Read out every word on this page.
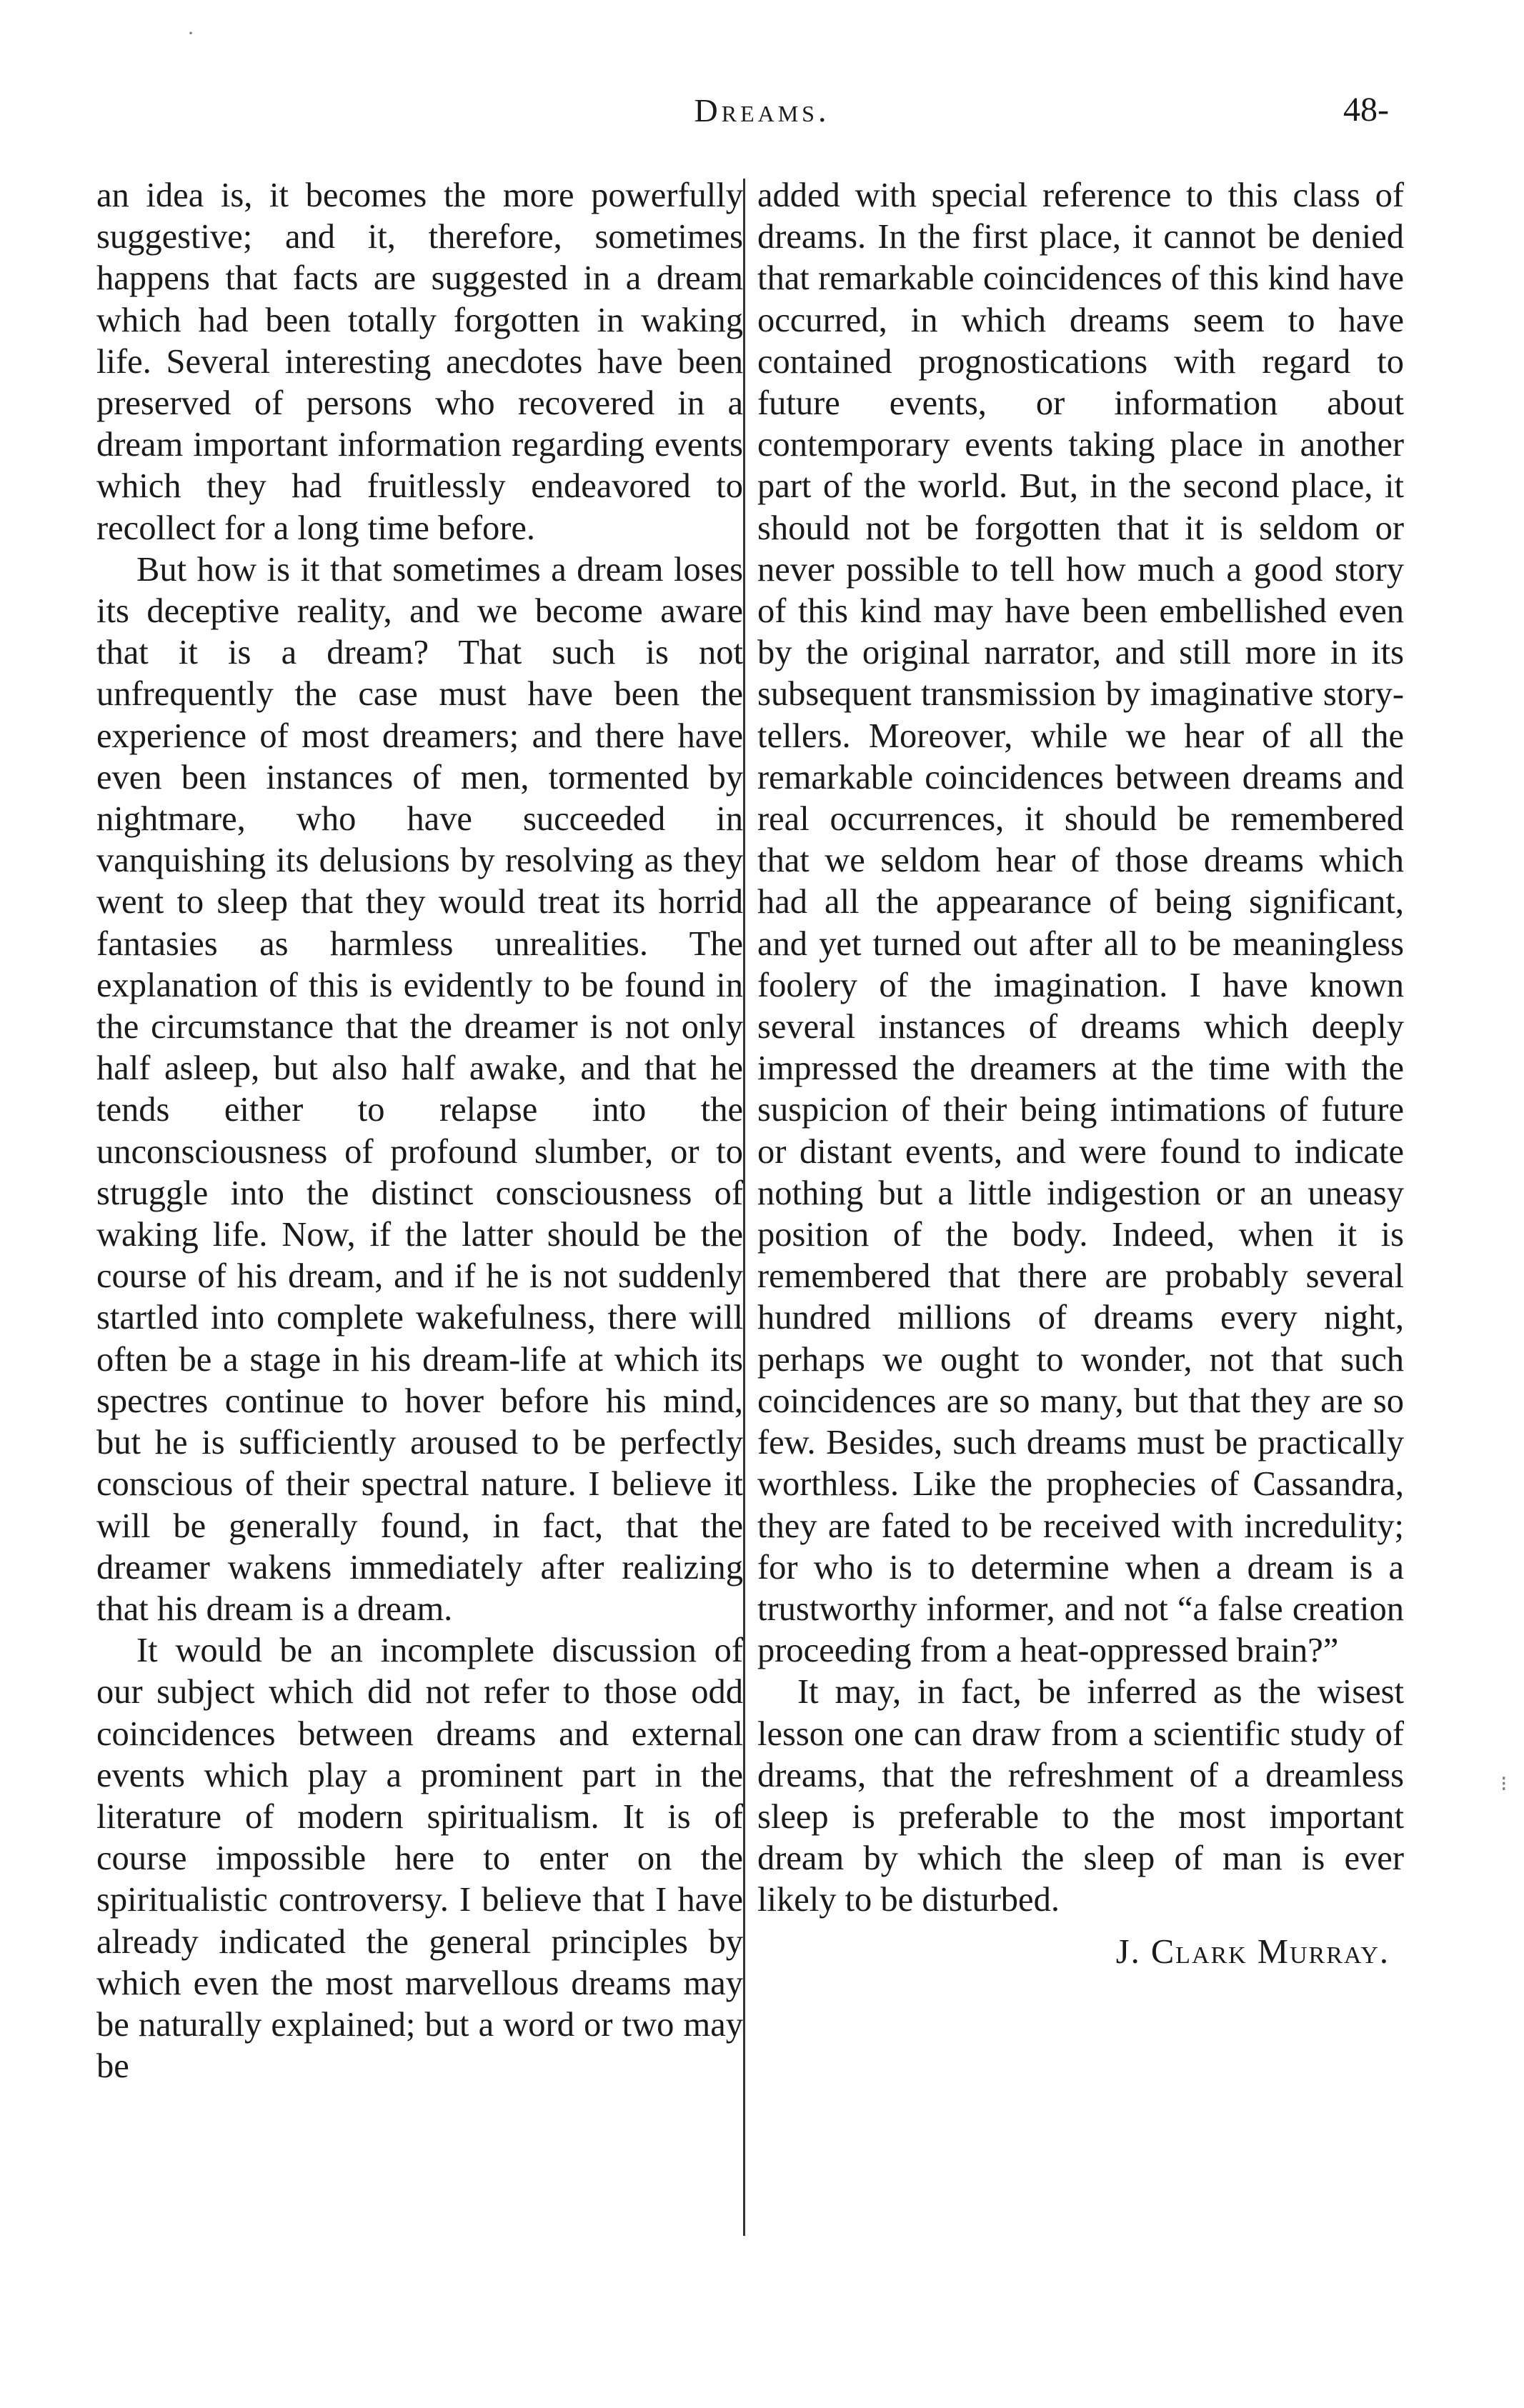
Dreams.	48-

an idea is, it becomes the more powerfully suggestive; and it, therefore, sometimes happens that facts are suggested in a dream which had been totally forgotten in waking life. Several interesting anecdotes have been preserved of persons who recovered in a dream important information regarding events which they had fruitlessly endeavored to recollect for a long time before.

But how is it that sometimes a dream loses its deceptive reality, and we become aware that it is a dream? That such is not unfrequently the case must have been the experience of most dreamers; and there have even been instances of men, tormented by nightmare, who have succeeded in vanquishing its delusions by resolving as they went to sleep that they would treat its horrid fantasies as harmless unrealities. The explanation of this is evidently to be found in the circumstance that the dreamer is not only half asleep, but also half awake, and that he tends either to relapse into the unconsciousness of profound slumber, or to struggle into the distinct consciousness of waking life. Now, if the latter should be the course of his dream, and if he is not suddenly startled into complete wakefulness, there will often be a stage in his dream-life at which its spectres continue to hover before his mind, but he is sufficiently aroused to be perfectly conscious of their spectral nature. I believe it will be generally found, in fact, that the dreamer wakens immediately after realizing that his dream is a dream.

It would be an incomplete discussion of our subject which did not refer to those odd coincidences between dreams and external events which play a prominent part in the literature of modern spiritualism. It is of course impossible here to enter on the spiritualistic controversy. I believe that I have already indicated the general principles by which even the most marvellous dreams may be naturally explained; but a word or two may be

added with special reference to this class of dreams. In the first place, it cannot be denied that remarkable coincidences of this kind have occurred, in which dreams seem to have contained prognostications with regard to future events, or information about contemporary events taking place in another part of the world. But, in the second place, it should not be forgotten that it is seldom or never possible to tell how much a good story of this kind may have been embellished even by the original narrator, and still more in its subsequent transmission by imaginative story-tellers. Moreover, while we hear of all the remarkable coincidences between dreams and real occurrences, it should be remembered that we seldom hear of those dreams which had all the appearance of being significant, and yet turned out after all to be meaningless foolery of the imagination. I have known several instances of dreams which deeply impressed the dreamers at the time with the suspicion of their being intimations of future or distant events, and were found to indicate nothing but a little indigestion or an uneasy position of the body. Indeed, when it is remembered that there are probably several hundred millions of dreams every night, perhaps we ought to wonder, not that such coincidences are so many, but that they are so few. Besides, such dreams must be practically worthless. Like the prophecies of Cassandra, they are fated to be received with incredulity; for who is to determine when a dream is a trustworthy informer, and not “a false creation proceeding from a heat-oppressed brain?”

It may, in fact, be inferred as the wisest lesson one can draw from a scientific study of dreams, that the refreshment of a dreamless sleep is preferable to the most important dream by which the sleep of man is ever likely to be disturbed.

J. Clark Murray.

·
⁝
